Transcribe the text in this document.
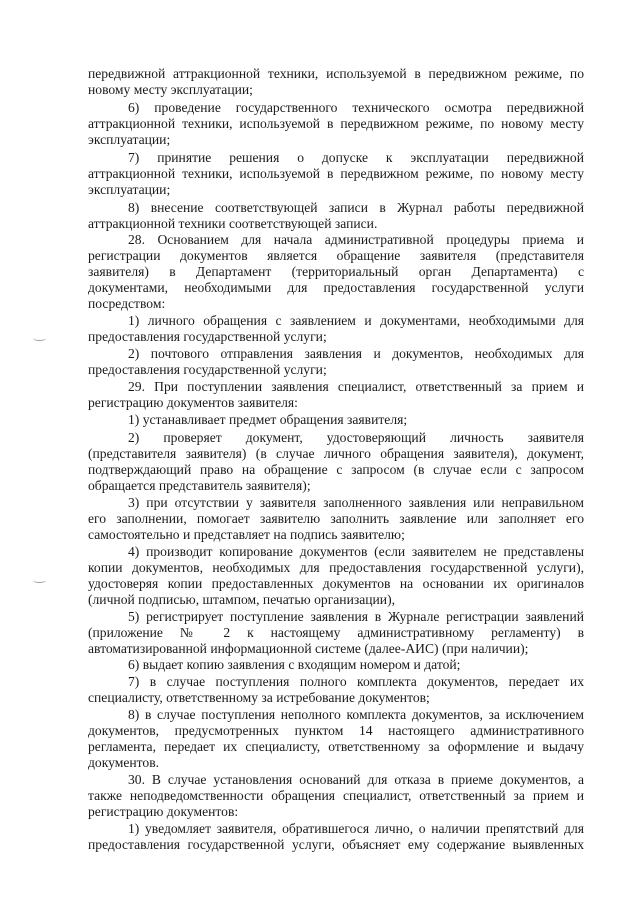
передвижной аттракционной техники, используемой в передвижном режиме, по
новому месту эксплуатации;
6) проведение государственного технического осмотра передвижной
аттракционной техники, используемой в передвижном режиме, по новому месту
эксплуатации;
7) принятие решения о допуске к эксплуатации передвижной
аттракционной техники, используемой в передвижном режиме, по новому месту
эксплуатации;
8) внесение соответствующей записи в Журнал работы передвижной
аттракционной техники соответствующей записи.
28. Основанием для начала административной процедуры приема и
регистрации документов является обращение заявителя (представителя
заявителя) в Департамент (территориальный орган Департамента) с
документами, необходимыми для предоставления государственной услуги
посредством:
1) личного обращения с заявлением и документами, необходимыми для
предоставления государственной услуги;
2) почтового отправления заявления и документов, необходимых для
предоставления государственной услуги;
29. При поступлении заявления специалист, ответственный за прием и
регистрацию документов заявителя:
1) устанавливает предмет обращения заявителя;
2) проверяет документ, удостоверяющий личность заявителя
(представителя заявителя) (в случае личного обращения заявителя), документ,
подтверждающий право на обращение с запросом (в случае если с запросом
обращается представитель заявителя);
3) при отсутствии у заявителя заполненного заявления или неправильном
его заполнении, помогает заявителю заполнить заявление или заполняет его
самостоятельно и представляет на подпись заявителю;
4) производит копирование документов (если заявителем не представлены
копии документов, необходимых для предоставления государственной услуги),
удостоверяя копии предоставленных документов на основании их оригиналов
(личной подписью, штампом, печатью организации),
5) регистрирует поступление заявления в Журнале регистрации заявлений
(приложение № 2 к настоящему административному регламенту) в
автоматизированной информационной системе (далее-АИС) (при наличии);
6) выдает копию заявления с входящим номером и датой;
7) в случае поступления полного комплекта документов, передает их
специалисту, ответственному за истребование документов;
8) в случае поступления неполного комплекта документов, за исключением
документов, предусмотренных пунктом 14 настоящего административного
регламента, передает их специалисту, ответственному за оформление и выдачу
документов.
30. В случае установления оснований для отказа в приеме документов, а
также неподведомственности обращения специалист, ответственный за прием и
регистрацию документов:
1) уведомляет заявителя, обратившегося лично, о наличии препятствий для
предоставления государственной услуги, объясняет ему содержание выявленных
